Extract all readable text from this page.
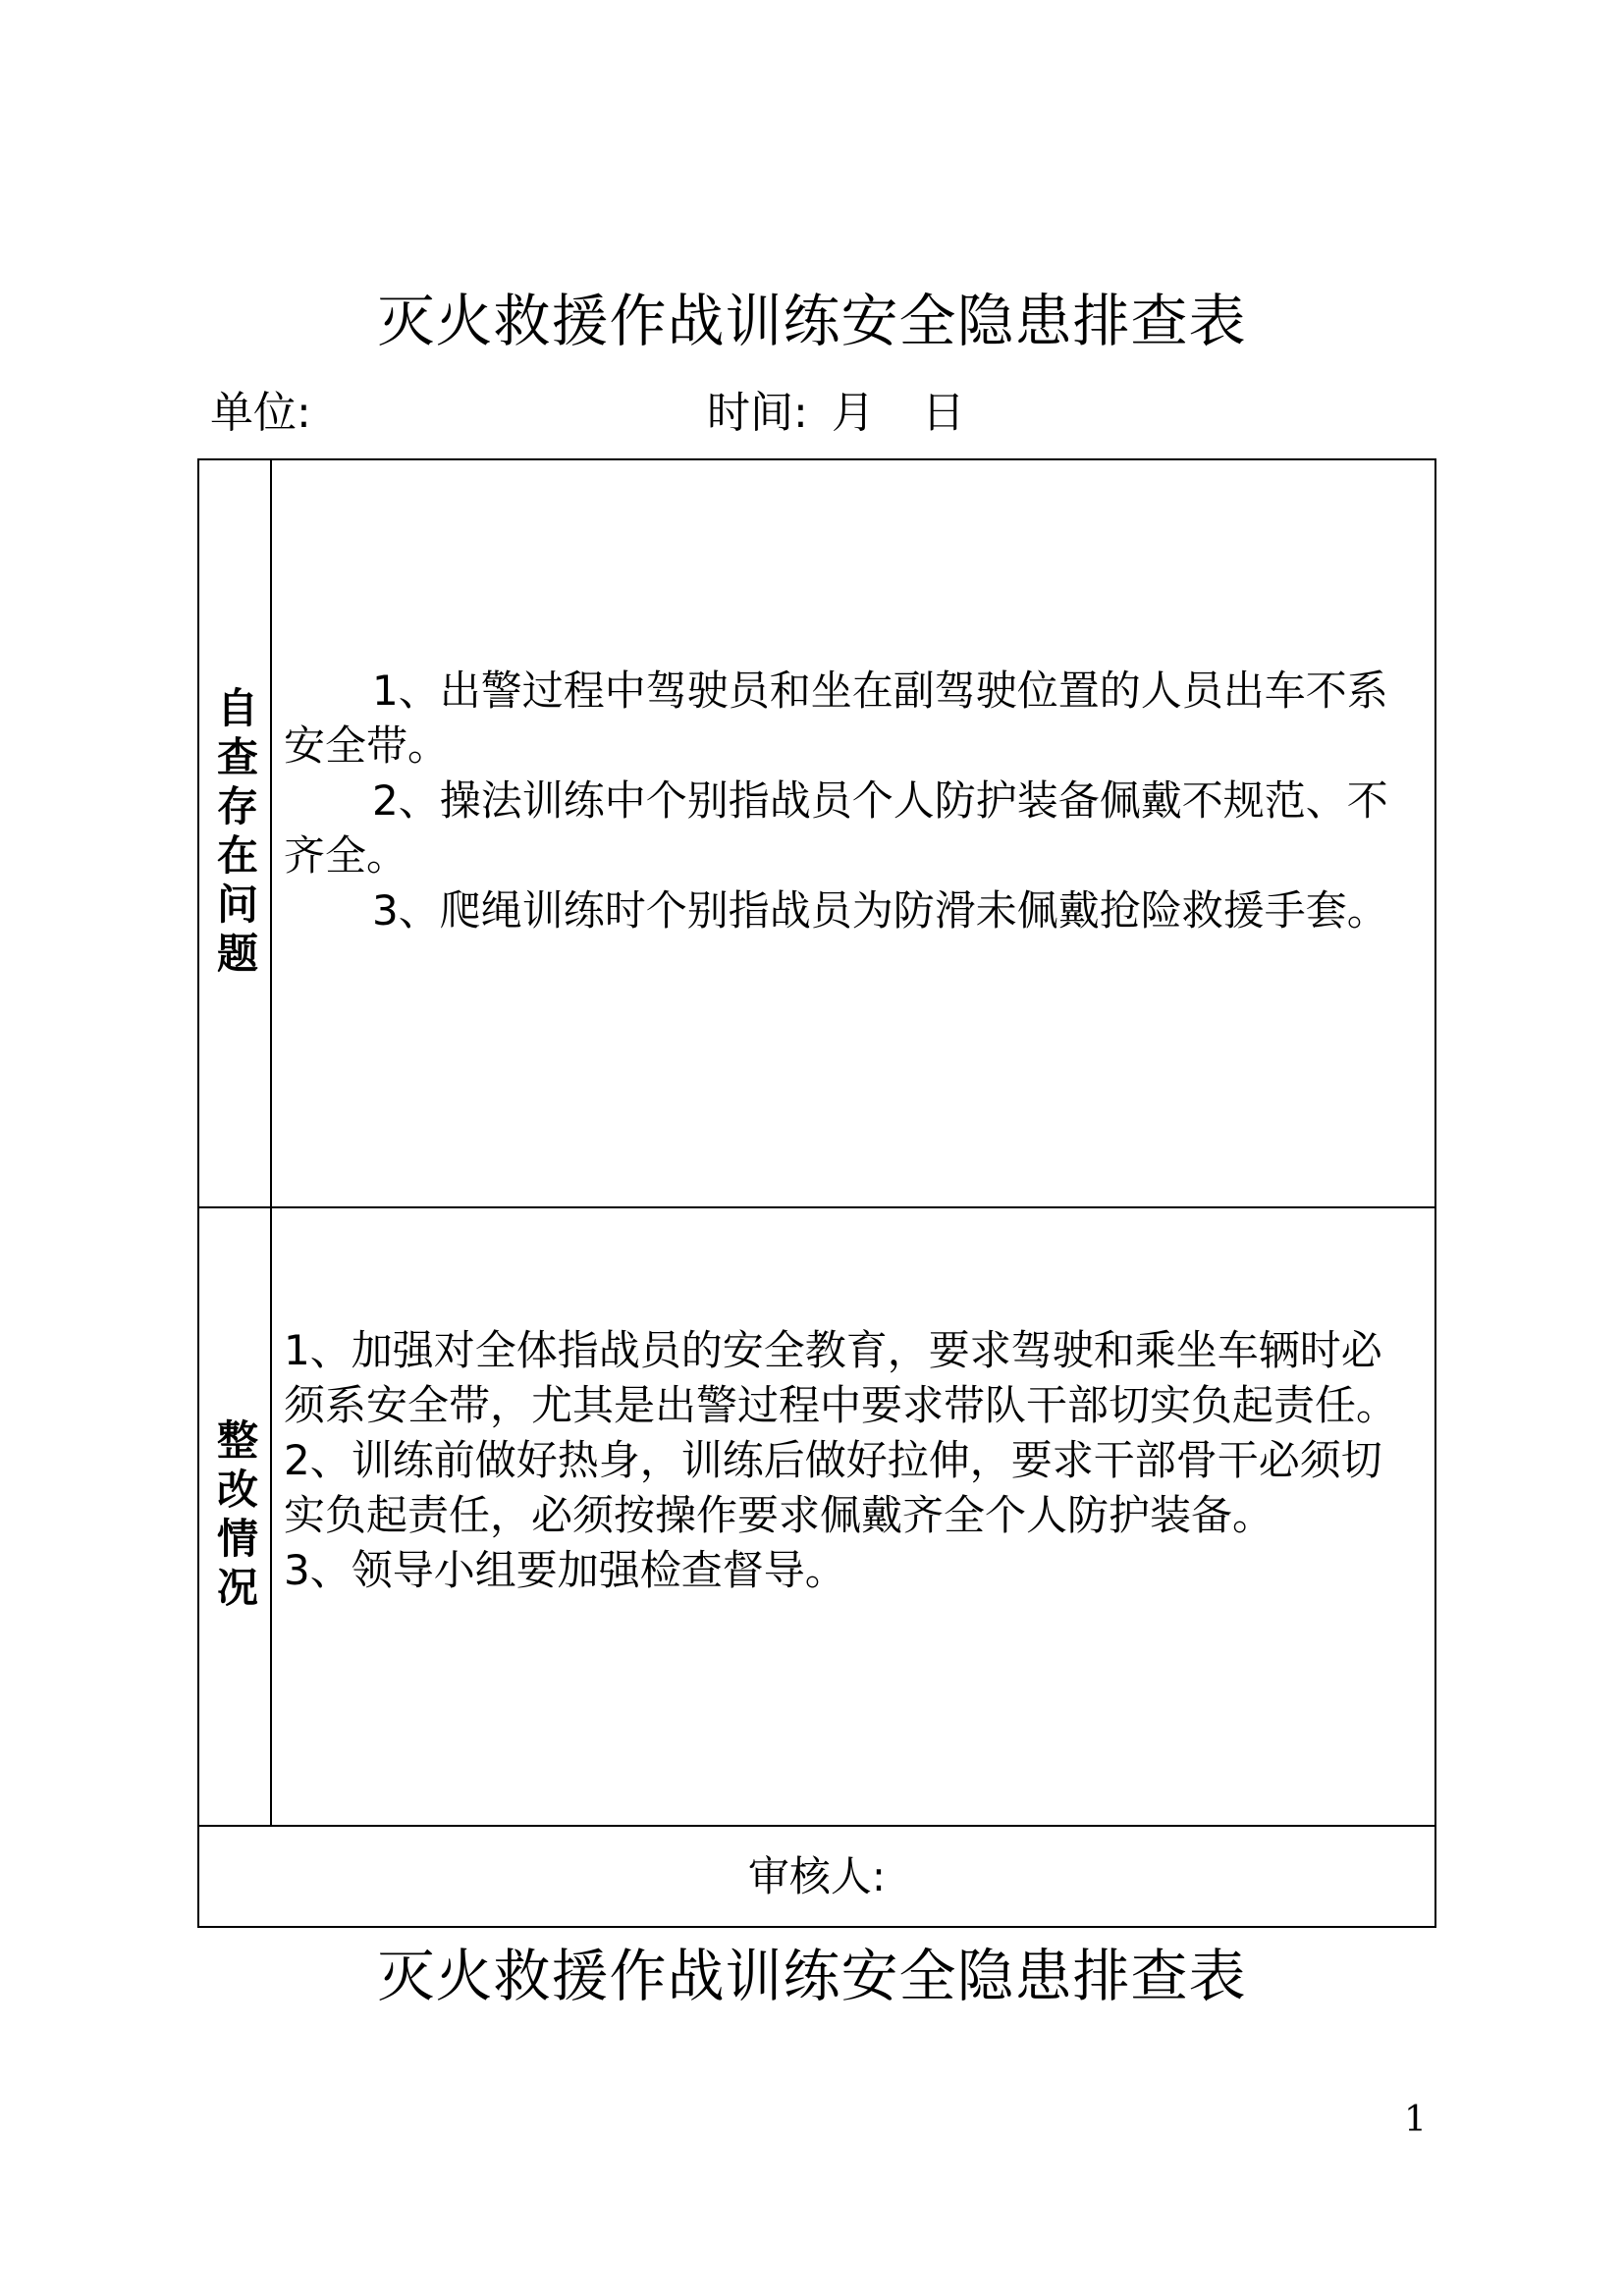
灭火救援作战训练安全隐患排查表
单位:	时间: 月 日
自查存在问题	1、出警过程中驾驶员和坐在副驾驶位置的人员出车不系安全带。

2、操法训练中个别指战员个人防护装备佩戴不规范、不齐全。

3、爬绳训练时个别指战员为防滑未佩戴抢险救援手套。

整改情况

1、加强对全体指战员的安全教育，要求驾驶和乘坐车辆时必须系安全带，尤其是出警过程中要求带队干部切实负起责任。

2、训练前做好热身，训练后做好拉伸，要求干部骨干必须切实负起责任，必须按操作要求佩戴齐全个人防护装备。

3、领导小组要加强检查督导。

审核人:
灭火救援作战训练安全隐患排查表
1
